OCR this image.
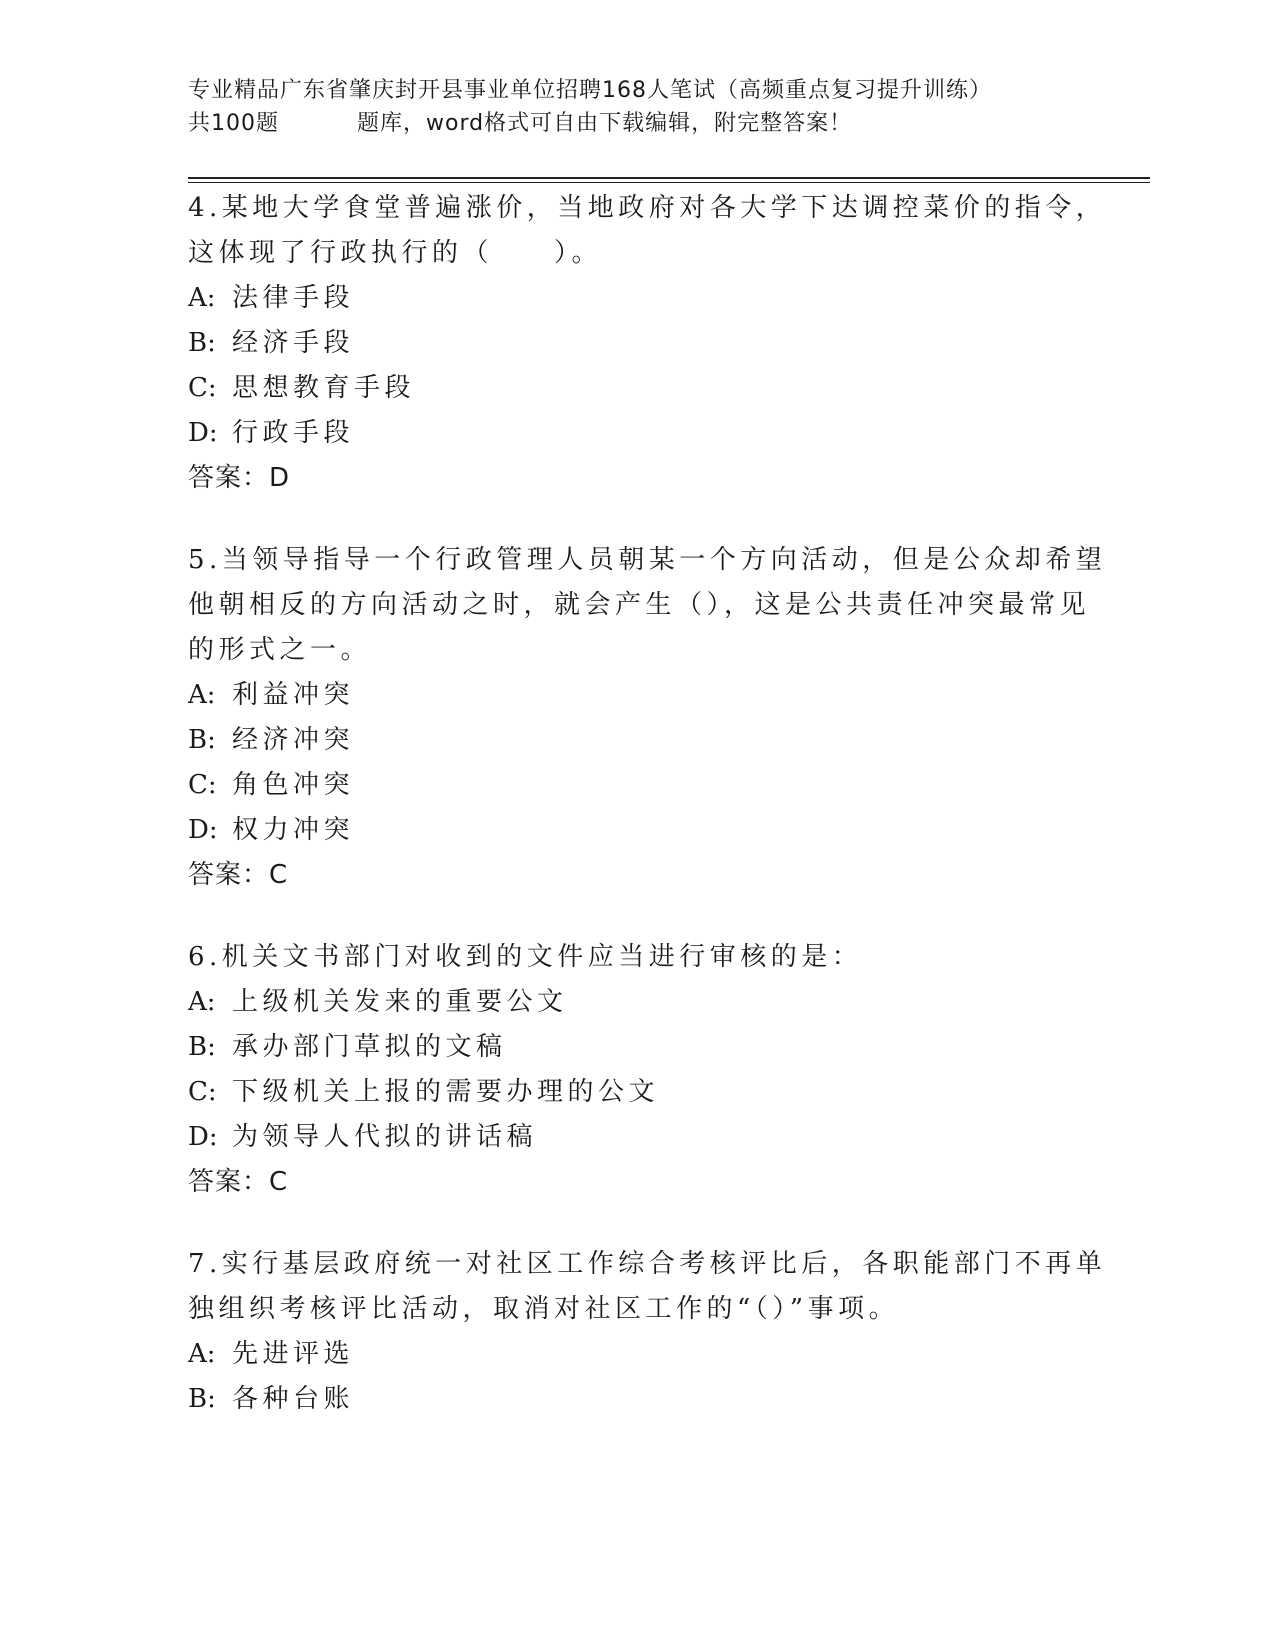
专业精品广东省肇庆封开县事业单位招聘168人笔试（高频重点复习提升训练）
共100题	题库，word格式可自由下载编辑，附完整答案！
4.某地大学食堂普遍涨价，当地政府对各大学下达调控菜价的指令，
这体现了行政执行的（　　）。
A: 法律手段
B: 经济手段
C: 思想教育手段
D: 行政手段
答案：D
5.当领导指导一个行政管理人员朝某一个方向活动，但是公众却希望
他朝相反的方向活动之时，就会产生（），这是公共责任冲突最常见
的形式之一。
A: 利益冲突
B: 经济冲突
C: 角色冲突
D: 权力冲突
答案：C
6.机关文书部门对收到的文件应当进行审核的是：
A: 上级机关发来的重要公文
B: 承办部门草拟的文稿
C: 下级机关上报的需要办理的公文
D: 为领导人代拟的讲话稿
答案：C
7.实行基层政府统一对社区工作综合考核评比后，各职能部门不再单
独组织考核评比活动，取消对社区工作的“（）”事项。
A: 先进评选
B: 各种台账
